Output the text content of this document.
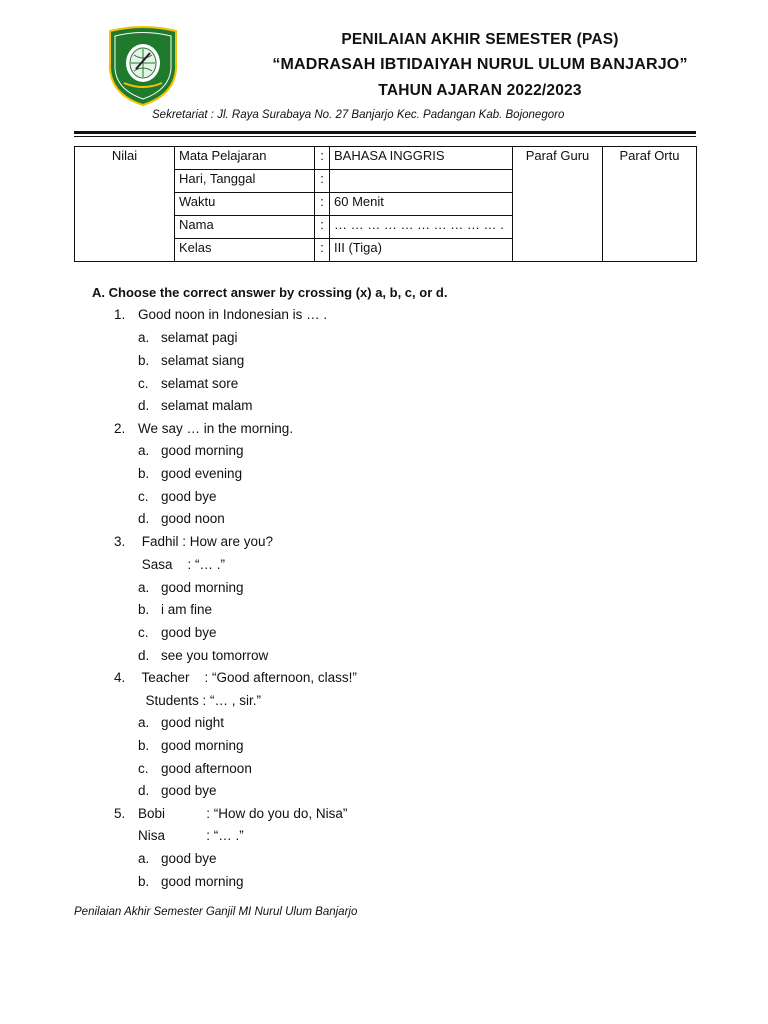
PENILAIAN AKHIR SEMESTER (PAS)
“MADRASAH IBTIDAIYAH NURUL ULUM BANJARJO”
TAHUN AJARAN 2022/2023
Sekretariat : Jl. Raya Surabaya No. 27 Banjarjo Kec. Padangan Kab. Bojonegoro
Nilai	Mata Pelajaran	:	BAHASA INGGRIS	Paraf Guru	Paraf Ortu
	Hari, Tanggal	:			
	Waktu	:	60 Menit		
	Nama	:	… … … … … … … … … … .		
	Kelas	:	III (Tiga)		
A. Choose the correct answer by crossing (x) a, b, c, or d.
1. Good noon in Indonesian is … .
a. selamat pagi
b. selamat siang
c. selamat sore
d. selamat malam
2. We say … in the morning.
a. good morning
b. good evening
c. good bye
d. good noon
3. Fadhil : How are you?
Sasa    : “… .”
a. good morning
b. i am fine
c. good bye
d. see you tomorrow
4. Teacher    : “Good afternoon, class!”
Students : “… , sir.”
a. good night
b. good morning
c. good afternoon
d. good bye
5. Bobi           : “How do you do, Nisa”
Nisa           : “… .”
a. good bye
b. good morning
Penilaian Akhir Semester Ganjil MI Nurul Ulum Banjarjo
